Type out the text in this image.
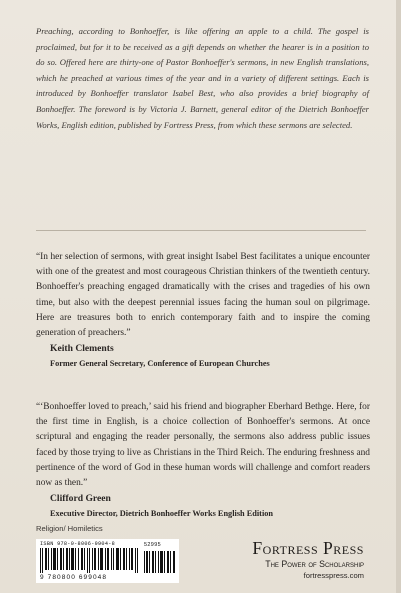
Preaching, according to Bonhoeffer, is like offering an apple to a child. The gospel is proclaimed, but for it to be received as a gift depends on whether the hearer is in a position to do so. Offered here are thirty-one of Pastor Bonhoeffer's sermons, in new English translations, which he preached at various times of the year and in a variety of different settings. Each is introduced by Bonhoeffer translator Isabel Best, who also provides a brief biography of Bonhoeffer. The foreword is by Victoria J. Barnett, general editor of the Dietrich Bonhoeffer Works, English edition, published by Fortress Press, from which these sermons are selected.

“In her selection of sermons, with great insight Isabel Best facilitates a unique encounter with one of the greatest and most courageous Christian thinkers of the twentieth century. Bonhoeffer's preaching engaged dramatically with the crises and tragedies of his own time, but also with the deepest perennial issues facing the human soul on pilgrimage. Here are treasures both to enrich contemporary faith and to inspire the coming generation of preachers.”
Keith Clements
Former General Secretary, Conference of European Churches
“‘Bonhoeffer loved to preach,’ said his friend and biographer Eberhard Bethge. Here, for the first time in English, is a choice collection of Bonhoeffer's sermons. At once scriptural and engaging the reader personally, the sermons also address public issues faced by those trying to live as Christians in the Third Reich. The enduring freshness and pertinence of the word of God in these human words will challenge and comfort readers now as then.”
Clifford Green
Executive Director, Dietrich Bonhoeffer Works English Edition
Religion/ Homiletics
ISBN 978-0-8006-9904-8	52995
9 780800 699048
Fortress Press
The Power of Scholarship
fortresspress.com
